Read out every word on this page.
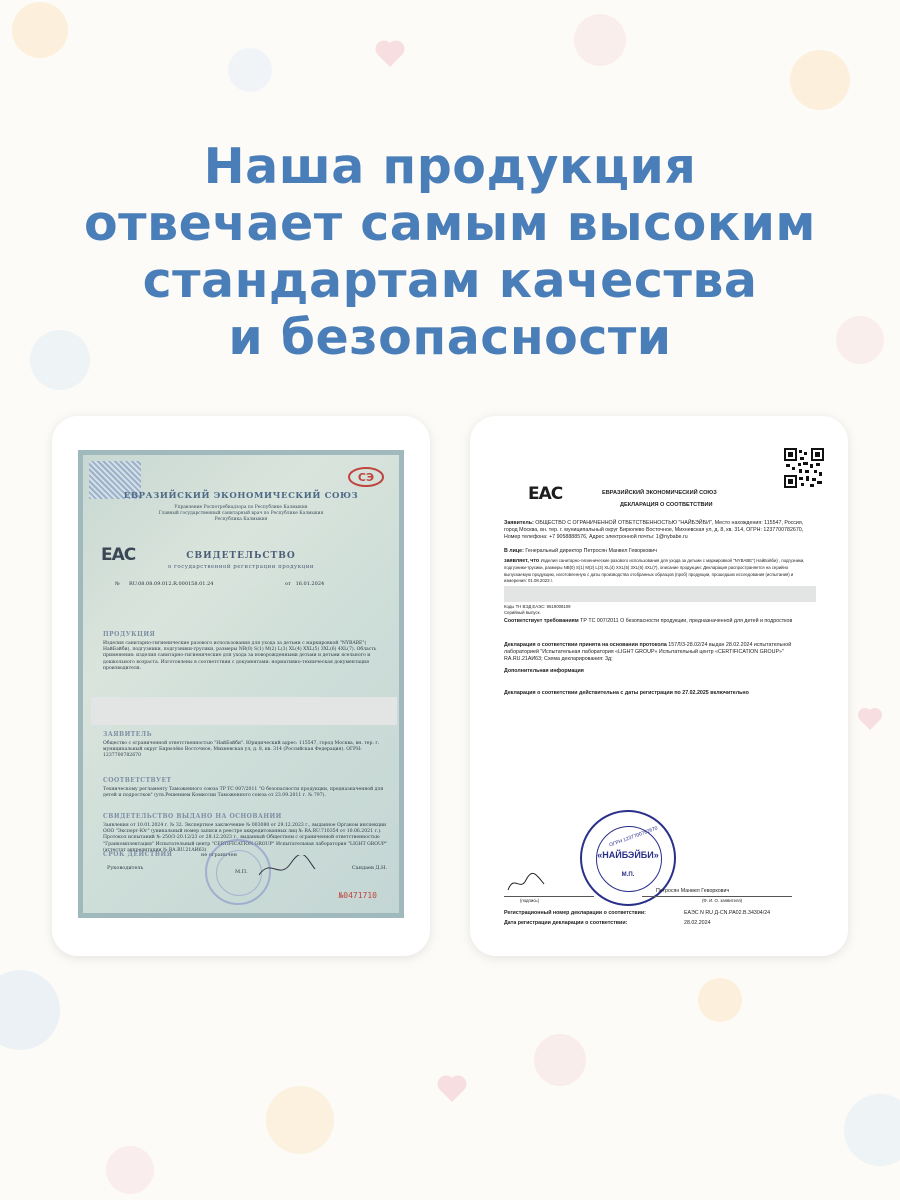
Наша продукция
отвечает самым высоким
стандартам качества
и безопасности
СЭ
ЕВРАЗИЙСКИЙ ЭКОНОМИЧЕСКИЙ СОЮЗ
Управление Роспотребнадзора по Республике Калмыкия
Главный государственный санитарный врач по Республике Калмыкия
Республика Калмыкия
ЕАС	СВИДЕТЕЛЬСТВО
о государственной регистрации продукции
№ RU.08.08.09.012.R.000158.01.24	от 16.01.2024
ПРОДУКЦИЯ
Изделия санитарно-гигиенические разового использования для ухода за детьми с маркировкой "NYBABE"( НайБэйби), подгузники, подгузники-трусики, размеры NB(0) S(1) M(2) L(3) XL(4) XXL(5) 3XL(6) 4XL(7). Область применения: изделия санитарно-гигиенические для ухода за новорожденными детьми и детьми ясельного и дошкольного возраста. Изготовлены в соответствии с документами: нормативно-техническая документация производителя.
ЗАЯВИТЕЛЬ
Общество с ограниченной ответственностью "НайБэйби". Юридический адрес: 115547, город Москва, вн. тер. г. муниципальный округ Бирюлёво Восточное, Михневская ул, д. 8, кв. 314 (Российская Федерация). ОГРН: 1237700782670
СООТВЕТСТВУЕТ
Техническому регламенту Таможенного союза ТР ТС 007/2011 "О безопасности продукции, предназначенной для детей и подростков" (утв.Решением Комиссии Таможенного союза от 23.09.2011 г. № 797).
СВИДЕТЕЛЬСТВО ВЫДАНО НА ОСНОВАНИИ
Заявления от 10.01.2024 г. № 32. Экспертное заключение № 003080 от 29.12.2023 г., выданное Органом инспекции ООО "Эксперт-Юг" (уникальный номер записи в реестре аккредитованных лиц № RA.RU.710354 от 10.06.2021 г.). Протокол испытаний № 250/3-20.12/23 от 28.12.2023 г., выданный Обществом с ограниченной ответственностью "Гранкомплектация" Испытательный центр "CERTIFICATION GROUP" Испытательная лаборатория "LIGHT GROUP" (аттестат аккредитации № RA.RU.21АИ63)
СРОК ДЕЙСТВИЯ	не ограничен
Руководитель
М.П.
Сандаев Д.Н.
№0471710
ЕАС	ЕВРАЗИЙСКИЙ ЭКОНОМИЧЕСКИЙ СОЮЗ
ДЕКЛАРАЦИЯ О СООТВЕТСТВИИ
Заявитель: ОБЩЕСТВО С ОГРАНИЧЕННОЙ ОТВЕТСТВЕННОСТЬЮ "НАЙБЭЙБИ", Место нахождения: 115547, Россия, город Москва, вн. тер. г. муниципальный округ Бирюлево Восточное, Михневская ул, д. 8, кв. 314, ОГРН: 1237700782670, Номер телефона: +7 9058888576, Адрес электронной почты: 1@nybabe.ru
В лице: Генеральный директор Петросян Манвел Геворкович
заявляет, что Изделия санитарно-гигиенические разового использования для ухода за детьми с маркировкой "NYBABE"( НайБэйби) , подгузники, подгузники-трусики, размеры NB(0) S(1) M(2) L(3) XL(4) XXL(5) 3XL(6) 4XL(7), описание продукции: Декларация распространяется на серийно выпускаемую продукцию, изготовленную с даты производства отобранных образцов (проб) продукции, прошедших исследования (испытания) и измерения: 01.08.2023 г.
Коды ТН ВЭД ЕАЭС: 9619008109
Серийный выпуск.
Соответствует требованиям ТР ТС 007/2011 О безопасности продукции, предназначенной для детей и подростков
Декларация о соответствии принята на основании протокола 157Л/3-28.02/24 выдан 28.02.2024 испытательной лабораторией "Испытательная лаборатория «LIGHT GROUP» Испытательный центр «CERTIFICATION GROUP»" RA.RU.21АИ63; Схема декларирования: 3д;
Дополнительная информация
Декларация о соответствии действительна с даты регистрации по 27.02.2025 включительно
ОГРН 1237700782670
«НАЙБЭЙБИ»
М.П.
Петросян Манвел Геворкович
(подпись)	(Ф. И. О. заявителя)
Регистрационный номер декларации о соответствии:	ЕАЭС N RU Д-CN.РА02.В.34304/24
Дата регистрации декларации о соответствии:	28.02.2024
